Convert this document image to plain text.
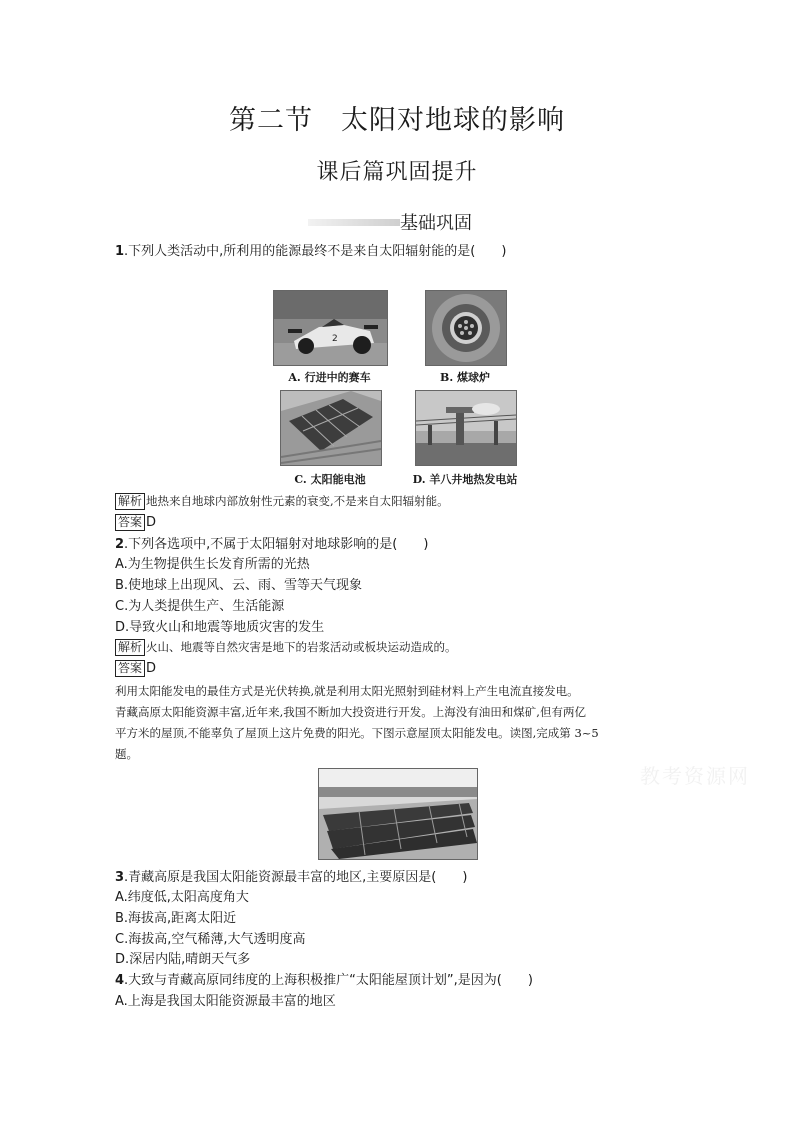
第二节　太阳对地球的影响
课后篇巩固提升
基础巩固
1.下列人类活动中,所利用的能源最终不是来自太阳辐射能的是(　　)
2
A. 行进中的赛车	B. 煤球炉
C. 太阳能电池	D. 羊八井地热发电站
解析 地热来自地球内部放射性元素的衰变,不是来自太阳辐射能。
答案 D
2.下列各选项中,不属于太阳辐射对地球影响的是(　　)
A.为生物提供生长发育所需的光热
B.使地球上出现风、云、雨、雪等天气现象
C.为人类提供生产、生活能源
D.导致火山和地震等地质灾害的发生
解析 火山、地震等自然灾害是地下的岩浆活动或板块运动造成的。
答案 D
利用太阳能发电的最佳方式是光伏转换,就是利用太阳光照射到硅材料上产生电流直接发电。
青藏高原太阳能资源丰富,近年来,我国不断加大投资进行开发。上海没有油田和煤矿,但有两亿
平方米的屋顶,不能辜负了屋顶上这片免费的阳光。下图示意屋顶太阳能发电。读图,完成第 3~5
题。
教考资源网
3.青藏高原是我国太阳能资源最丰富的地区,主要原因是(　　)
A.纬度低,太阳高度角大
B.海拔高,距离太阳近
C.海拔高,空气稀薄,大气透明度高
D.深居内陆,晴朗天气多
4.大致与青藏高原同纬度的上海积极推广“太阳能屋顶计划”,是因为(　　)
A.上海是我国太阳能资源最丰富的地区
